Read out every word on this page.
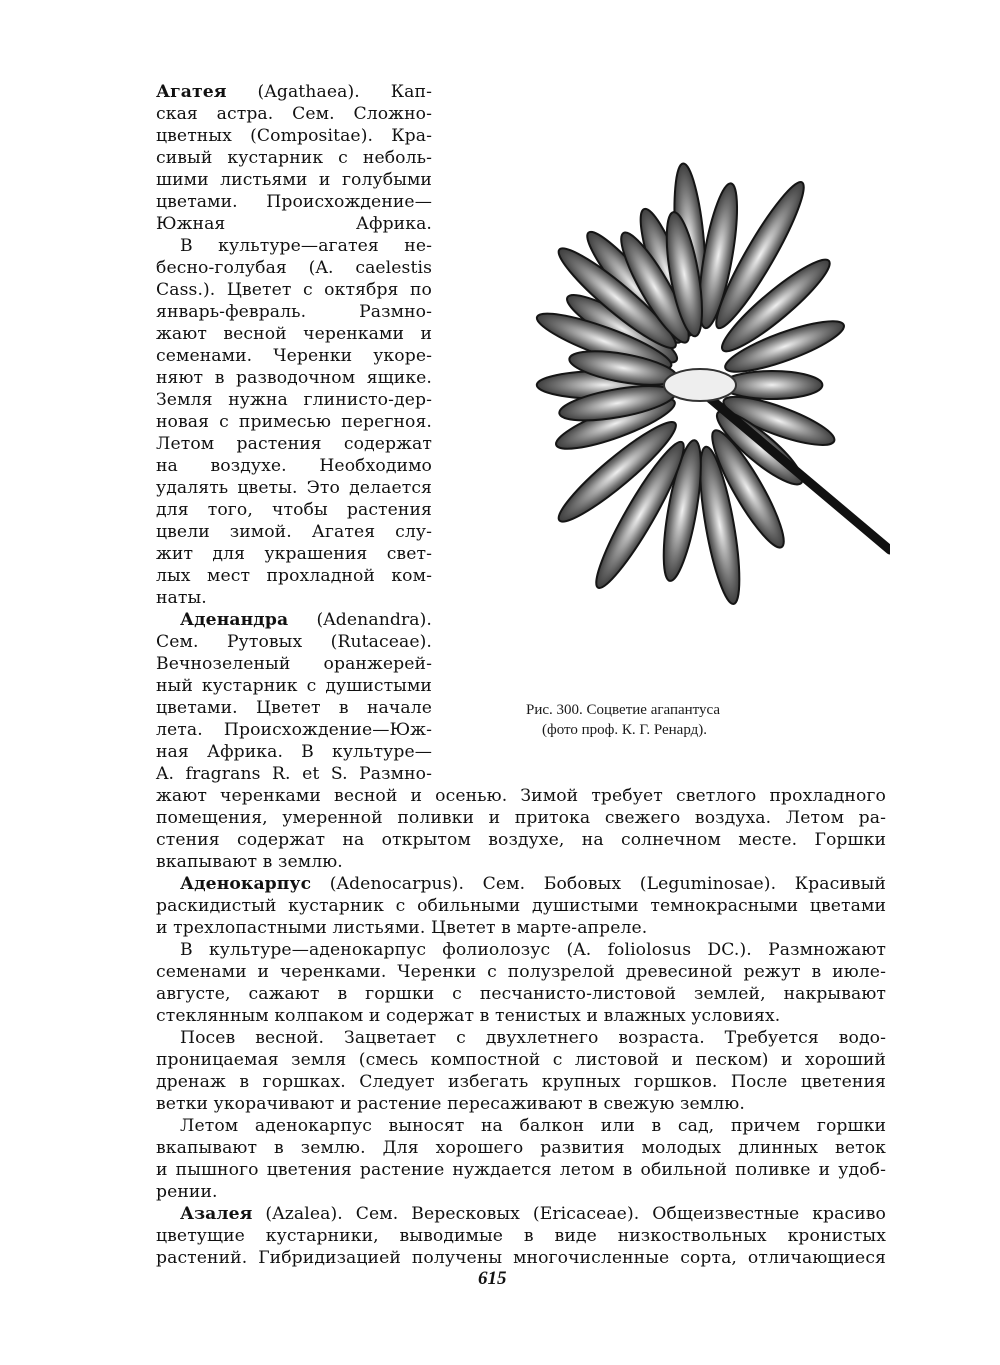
Агатея (Agathaea). Кап-
ская астра. Сем. Сложно-
цветных (Compositae). Кра-
сивый кустарник с неболь-
шими листьями и голубыми
цветами. Происхождение—
Южная Африка.
В культуре—агатея не-
бесно-голубая (A. caelestis
Cass.). Цветет с октября по
январь-февраль. Размно-
жают весной черенками и
семенами. Черенки укоре-
няют в разводочном ящике.
Земля нужна глинисто-дер-
новая с примесью перегноя.
Летом растения содержат
на воздухе. Необходимо
удалять цветы. Это делается
для того, чтобы растения
цвели зимой. Агатея слу-
жит для украшения свет-
лых мест прохладной ком-
наты.
Аденандра (Adenandra).
Сем. Рутовых (Rutaceae).
Вечнозеленый оранжерей-
ный кустарник с душистыми
цветами. Цветет в начале
лета. Происхождение—Юж-
ная Африка. В культуре—
A. fragrans R. et S. Размно-
жают черенками весной и осенью. Зимой требует светлого прохладного
помещения, умеренной поливки и притока свежего воздуха. Летом ра-
стения содержат на открытом воздухе, на солнечном месте. Горшки
вкапывают в землю.
Аденокарпус (Adenocarpus). Сем. Бобовых (Leguminosae). Красивый
раскидистый кустарник с обильными душистыми темнокрасными цветами
и трехлопастными листьями. Цветет в марте-апреле.
В культуре—аденокарпус фолиолозус (A. foliolosus DC.). Размножают
семенами и черенками. Черенки с полузрелой древесиной режут в июле-
августе, сажают в горшки с песчанисто-листовой землей, накрывают
стеклянным колпаком и содержат в тенистых и влажных условиях.
Посев весной. Зацветает с двухлетнего возраста. Требуется водо-
проницаемая земля (смесь компостной с листовой и песком) и хороший
дренаж в горшках. Следует избегать крупных горшков. После цветения
ветки укорачивают и растение пересаживают в свежую землю.
Летом аденокарпус выносят на балкон или в сад, причем горшки
вкапывают в землю. Для хорошего развития молодых длинных веток
и пышного цветения растение нуждается летом в обильной поливке и удоб-
рении.
Азалея (Azalea). Сем. Вересковых (Ericaceae). Общеизвестные красиво
цветущие кустарники, выводимые в виде низкоствольных кронистых
растений. Гибридизацией получены многочисленные сорта, отличающиеся
Рис. 300. Соцветие агапантуса
(фото проф. К. Г. Ренард).
615
